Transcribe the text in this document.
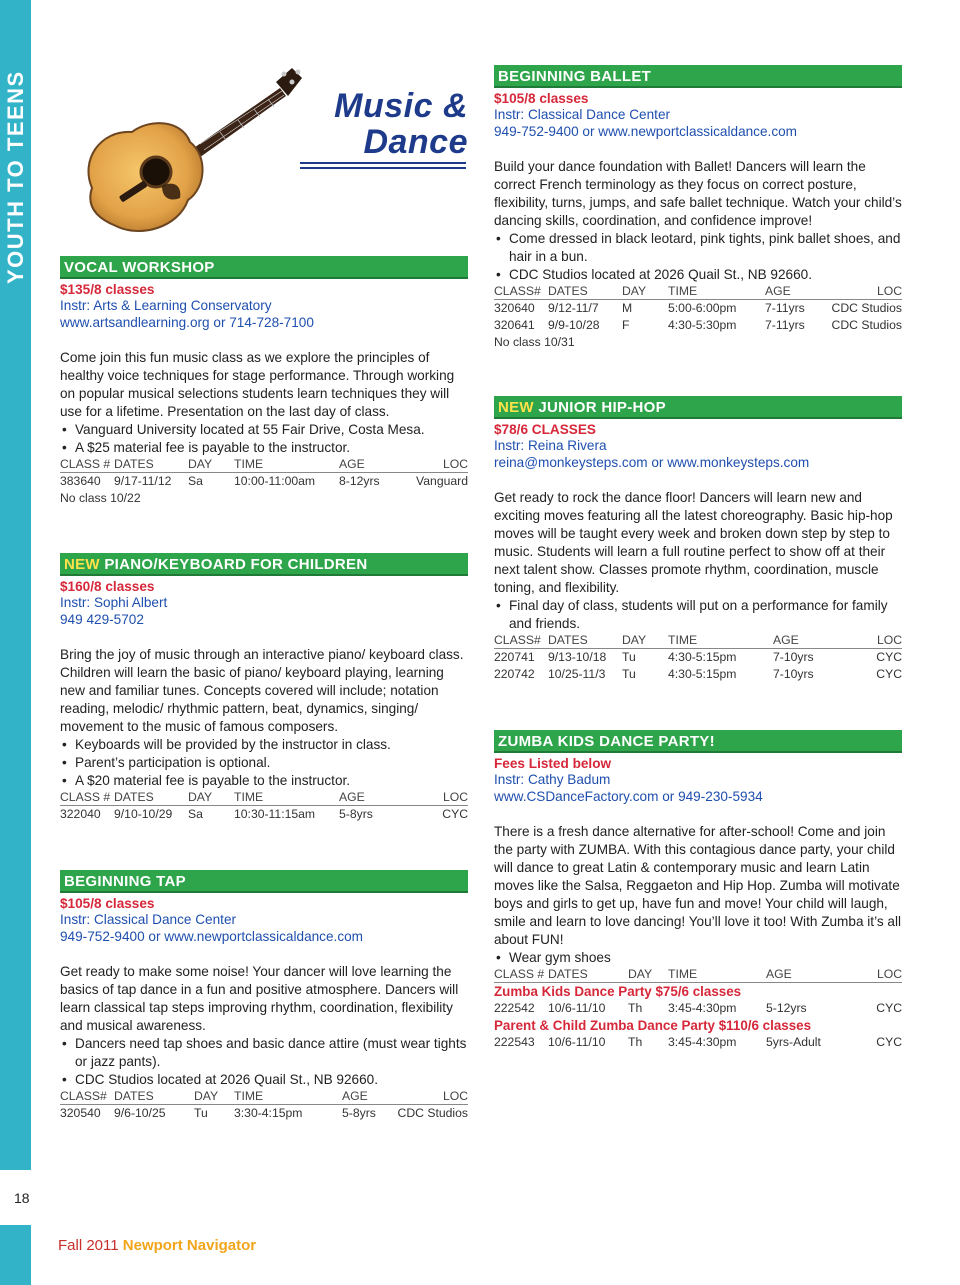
YOUTH TO TEENS
18
Fall 2011 Newport Navigator
Music &
Dance
VOCAL WORKSHOP
$135/8 classes
Instr: Arts & Learning Conservatory
www.artsandlearning.org or 714-728-7100
Come join this fun music class as we explore the principles of healthy voice techniques for stage performance. Through working on popular musical selections students learn techniques they will use for a lifetime. Presentation on the last day of class.
• Vanguard University located at 55 Fair Drive, Costa Mesa.
• A $25 material fee is payable to the instructor.
CLASS #	DATES	DAY	TIME	AGE	LOC
383640	9/17-11/12	Sa	10:00-11:00am	8-12yrs	Vanguard
No class 10/22
NEW PIANO/KEYBOARD FOR CHILDREN
$160/8 classes
Instr: Sophi Albert
949 429-5702
Bring the joy of music through an interactive piano/ keyboard class. Children will learn the basic of piano/ keyboard playing, learning new and familiar tunes. Concepts covered will include; notation reading, melodic/ rhythmic pattern, beat, dynamics, singing/ movement to the music of famous composers.
• Keyboards will be provided by the instructor in class.
• Parent’s participation is optional.
• A $20 material fee is payable to the instructor.
CLASS #	DATES	DAY	TIME	AGE	LOC
322040	9/10-10/29	Sa	10:30-11:15am	5-8yrs	CYC
BEGINNING TAP
$105/8 classes
Instr: Classical Dance Center
949-752-9400 or www.newportclassicaldance.com
Get ready to make some noise! Your dancer will love learning the basics of tap dance in a fun and positive atmosphere. Dancers will learn classical tap steps improving rhythm, coordination, flexibility and musical awareness.
• Dancers need tap shoes and basic dance attire (must wear tights or jazz pants).
• CDC Studios located at 2026 Quail St., NB 92660.
CLASS#	DATES	DAY	TIME	AGE	LOC
320540	9/6-10/25	Tu	3:30-4:15pm	5-8yrs	CDC Studios
BEGINNING BALLET
$105/8 classes
Instr: Classical Dance Center
949-752-9400 or www.newportclassicaldance.com
Build your dance foundation with Ballet! Dancers will learn the correct French terminology as they focus on correct posture, flexibility, turns, jumps, and safe ballet technique. Watch your child’s dancing skills, coordination, and confidence improve!
• Come dressed in black leotard, pink tights, pink ballet shoes, and hair in a bun.
• CDC Studios located at 2026 Quail St., NB 92660.
CLASS#	DATES	DAY	TIME	AGE	LOC
320640	9/12-11/7	M	5:00-6:00pm	7-11yrs	CDC Studios
320641	9/9-10/28	F	4:30-5:30pm	7-11yrs	CDC Studios
No class 10/31
NEW JUNIOR HIP-HOP
$78/6 CLASSES
Instr: Reina Rivera
reina@monkeysteps.com or www.monkeysteps.com
Get ready to rock the dance floor! Dancers will learn new and exciting moves featuring all the latest choreography. Basic hip-hop moves will be taught every week and broken down step by step to music. Students will learn a full routine perfect to show off at their next talent show. Classes promote rhythm, coordination, muscle toning, and flexibility.
• Final day of class, students will put on a performance for family and friends.
CLASS#	DATES	DAY	TIME	AGE	LOC
220741	9/13-10/18	Tu	4:30-5:15pm	7-10yrs	CYC
220742	10/25-11/3	Tu	4:30-5:15pm	7-10yrs	CYC
ZUMBA KIDS DANCE PARTY!
Fees Listed below
Instr: Cathy Badum
www.CSDanceFactory.com or 949-230-5934
There is a fresh dance alternative for after-school! Come and join the party with ZUMBA. With this contagious dance party, your child will dance to great Latin & contemporary music and learn Latin moves like the Salsa, Reggaeton and Hip Hop. Zumba will motivate boys and girls to get up, have fun and move! Your child will laugh, smile and learn to love dancing! You’ll love it too! With Zumba it’s all about FUN!
• Wear gym shoes
CLASS #	DATES	DAY	TIME	AGE	LOC
Zumba Kids Dance Party $75/6 classes					
222542	10/6-11/10	Th	3:45-4:30pm	5-12yrs	CYC
Parent & Child Zumba Dance Party $110/6 classes					
222543	10/6-11/10	Th	3:45-4:30pm	5yrs-Adult	CYC
